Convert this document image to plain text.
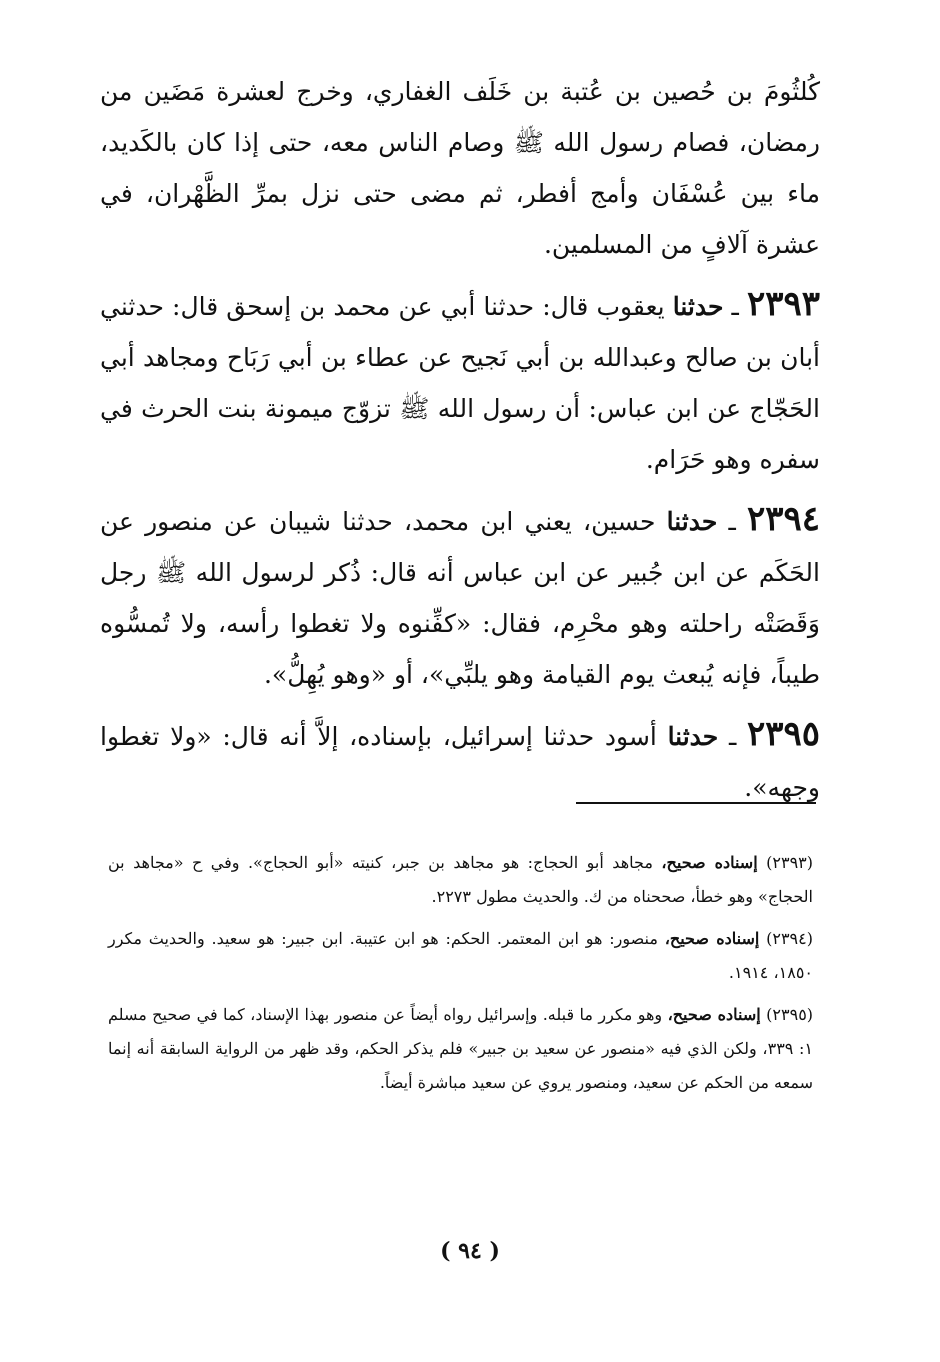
كُلثُومَ بن حُصين بن عُتبة بن خَلَف الغفاري، وخرج لعشرة مَضَين من رمضان، فصام رسول الله ﷺ وصام الناس معه، حتى إذا كان بالكَديد، ماء بين عُسْفَان وأمج أفطر، ثم مضى حتى نزل بمرِّ الظَّهْران، في عشرة آلافٍ من المسلمين.

٢٣٩٣ ـ حدثنا يعقوب قال: حدثنا أبي عن محمد بن إسحق قال: حدثني أبان بن صالح وعبدالله بن أبي نَجيح عن عطاء بن أبي رَبَاح ومجاهد أبي الحَجّاج عن ابن عباس: أن رسول الله ﷺ تزوّج ميمونة بنت الحرث في سفره وهو حَرَام.

٢٣٩٤ ـ حدثنا حسين، يعني ابن محمد، حدثنا شيبان عن منصور عن الحَكَم عن ابن جُبير عن ابن عباس أنه قال: ذُكر لرسول الله ﷺ رجل وَقَصَتْه راحلته وهو محْرِم، فقال: «كفِّنوه ولا تغطوا رأسه، ولا تُمسُّوه طيباً، فإنه يُبعث يوم القيامة وهو يلبِّي»، أو «وهو يُهِلُّ».

٢٣٩٥ ـ حدثنا أسود حدثنا إسرائيل، بإسناده، إلاَّ أنه قال: «ولا تغطوا وجهه».

(٢٣٩٣) إسناده صحيح، مجاهد أبو الحجاج: هو مجاهد بن جبر، كنيته «أبو الحجاج». وفي ح «مجاهد بن الحجاج» وهو خطأ، صححناه من ك. والحديث مطول ٢٢٧٣.
(٢٣٩٤) إسناده صحيح، منصور: هو ابن المعتمر. الحكم: هو ابن عتيبة. ابن جبير: هو سعيد. والحديث مكرر ١٨٥٠، ١٩١٤.
(٢٣٩٥) إسناده صحيح، وهو مكرر ما قبله. وإسرائيل رواه أيضاً عن منصور بهذا الإسناد، كما في صحيح مسلم ١: ٣٣٩، ولكن الذي فيه «منصور عن سعيد بن جبير» فلم يذكر الحكم، وقد ظهر من الرواية السابقة أنه إنما سمعه من الحكم عن سعيد، ومنصور يروي عن سعيد مباشرة أيضاً.
( ٩٤ )
